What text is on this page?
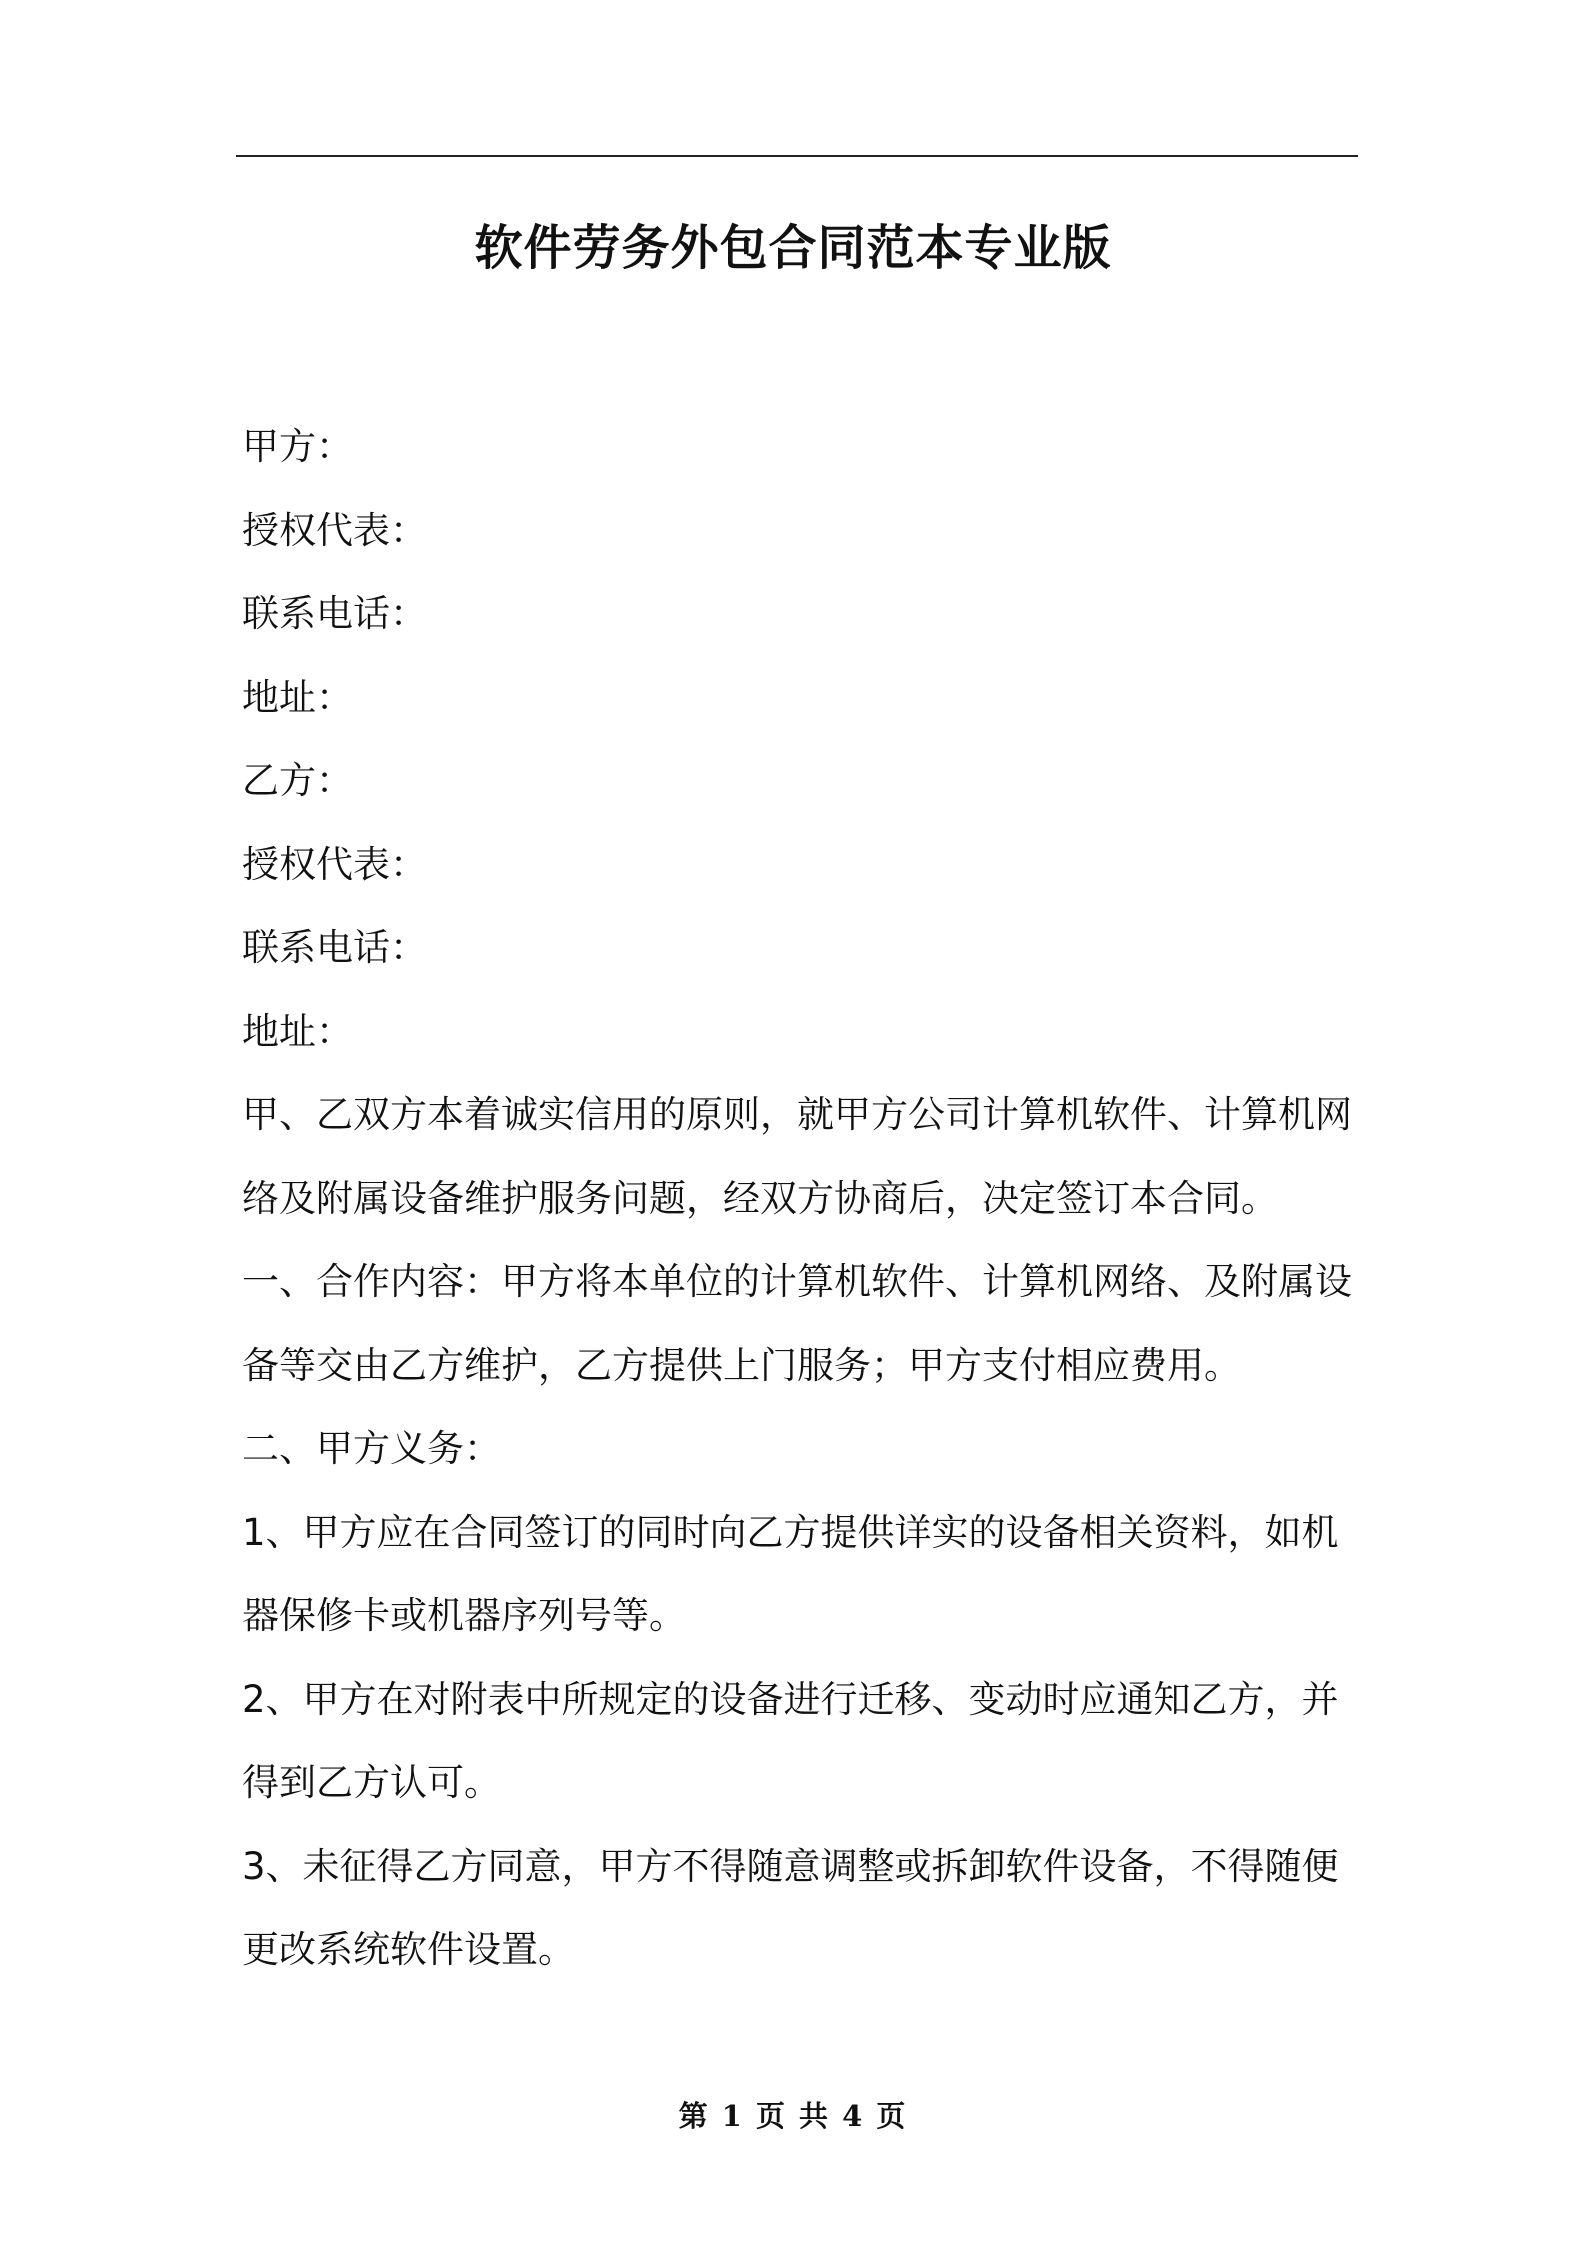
软件劳务外包合同范本专业版
甲方：
授权代表：
联系电话：
地址：
乙方：
授权代表：
联系电话：
地址：
甲、乙双方本着诚实信用的原则，就甲方公司计算机软件、计算机网
络及附属设备维护服务问题，经双方协商后，决定签订本合同。
一、合作内容：甲方将本单位的计算机软件、计算机网络、及附属设
备等交由乙方维护，乙方提供上门服务；甲方支付相应费用。
二、甲方义务：
1、甲方应在合同签订的同时向乙方提供详实的设备相关资料，如机
器保修卡或机器序列号等。
2、甲方在对附表中所规定的设备进行迁移、变动时应通知乙方，并
得到乙方认可。
3、未征得乙方同意，甲方不得随意调整或拆卸软件设备，不得随便
更改系统软件设置。
第 1 页 共 4 页
